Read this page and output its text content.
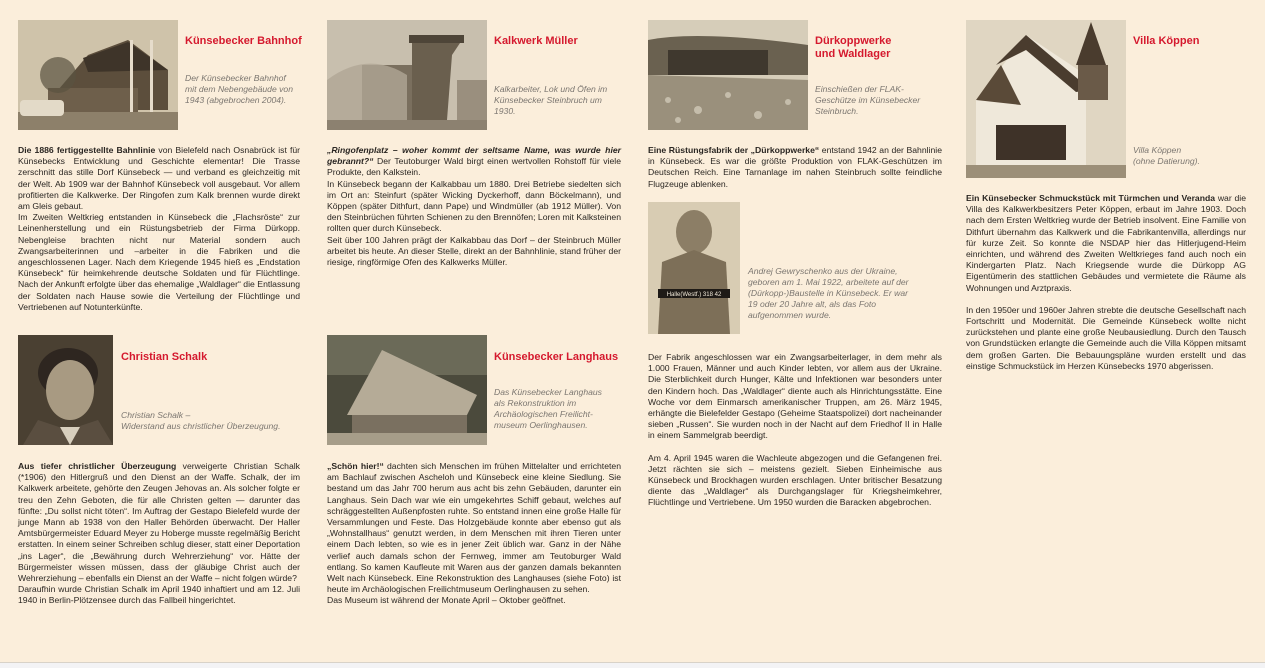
Künsebecker Bahnhof
Der Künsebecker Bahnhof mit dem Nebengebäude von 1943 (abgebrochen 2004).

Die 1886 fertiggestellte Bahnlinie von Bielefeld nach Osnabrück ist für Künsebecks Entwicklung und Geschichte elementar! Die Trasse zerschnitt das stille Dorf Künsebeck — und verband es gleichzeitig mit der Welt. Ab 1909 war der Bahnhof Künsebeck voll ausgebaut. Vor allem profitierten die Kalkwerke. Der Ringofen zum Kalk brennen wurde direkt am Gleis gebaut.

Im Zweiten Weltkrieg entstanden in Künsebeck die „Flachsröste“ zur Leinenherstellung und ein Rüstungsbetrieb der Firma Dürkopp. Nebengleise brachten nicht nur Material sondern auch Zwangsarbeiterinnen und –arbeiter in die Fabriken und die angeschlossenen Lager. Nach dem Kriegende 1945 hieß es „Endstation Künsebeck“ für heimkehrende deutsche Soldaten und für Flüchtlinge. Nach der Ankunft erfolgte über das ehemalige „Waldlager“ die Entlassung der Soldaten nach Hause sowie die Verteilung der Flüchtlinge und Vertriebenen auf Notunterkünfte.

Christian Schalk
Christian Schalk –
Widerstand aus christlicher Überzeugung.

Aus tiefer christlicher Überzeugung verweigerte Christian Schalk (*1906) den Hitlergruß und den Dienst an der Waffe. Schalk, der im Kalkwerk arbeitete, gehörte den Zeugen Jehovas an. Als solcher folgte er treu den Zehn Geboten, die für alle Christen gelten — darunter das fünfte: „Du sollst nicht töten“. Im Auftrag der Gestapo Bielefeld wurde der junge Mann ab 1938 von den Haller Behörden überwacht. Der Haller Amtsbürgermeister Eduard Meyer zu Hoberge musste regelmäßig Bericht erstatten. In einem seiner Schreiben schlug dieser, statt einer Deportation „ins Lager“, die „Bewährung durch Wehrerziehung“ vor. Hätte der Bürgermeister wissen müssen, dass der gläubige Christ auch der Wehrerziehung – ebenfalls ein Dienst an der Waffe – nicht folgen würde?

Daraufhin wurde Christian Schalk im April 1940 inhaftiert und am 12. Juli 1940 in Berlin-Plötzensee durch das Fallbeil hingerichtet.

Kalkwerk Müller
Kalkarbeiter, Lok und Öfen im Künsebecker Steinbruch um 1930.

„Ringofenplatz – woher kommt der seltsame Name, was wurde hier gebrannt?“ Der Teutoburger Wald birgt einen wertvollen Rohstoff für viele Produkte, den Kalkstein.

In Künsebeck begann der Kalkabbau um 1880. Drei Betriebe siedelten sich im Ort an: Steinfurt (später Wicking Dyckerhoff, dann Böckelmann), und Köppen (später Dithfurt, dann Pape) und Windmüller (ab 1912 Müller). Von den Steinbrüchen führten Schienen zu den Brennöfen; Loren mit Kalksteinen rollten quer durch Künsebeck.

Seit über 100 Jahren prägt der Kalkabbau das Dorf – der Steinbruch Müller arbeitet bis heute. An dieser Stelle, direkt an der Bahnhlinie, stand früher der riesige, ringförmige Ofen des Kalkwerks Müller.

Künsebecker Langhaus
Das Künsebecker Langhaus als Rekonstruktion im Archäologischen Freilicht-museum Oerlinghausen.

„Schön hier!“ dachten sich Menschen im frühen Mittelalter und errichteten am Bachlauf zwischen Ascheloh und Künsebeck eine kleine Siedlung. Sie bestand um das Jahr 700 herum aus acht bis zehn Gebäuden, darunter ein Langhaus. Sein Dach war wie ein umgekehrtes Schiff gebaut, welches auf schräggestellten Außenpfosten ruhte. So entstand innen eine große Halle für Versammlungen und Feste. Das Holzgebäude konnte aber ebenso gut als „Wohnstallhaus“ genutzt werden, in dem Menschen mit ihren Tieren unter einem Dach lebten, so wie es in jener Zeit üblich war. Ganz in der Nähe verlief auch damals schon der Fernweg, immer am Teutoburger Wald entlang. So kamen Kaufleute mit Waren aus der ganzen damals bekannten Welt nach Künsebeck. Eine Rekonstruktion des Langhauses (siehe Foto) ist heute im Archäologischen Freilichtmuseum Oerlinghausen zu sehen.

Das Museum ist während der Monate April – Oktober geöffnet.

Dürkoppwerke
und Waldlager
Einschießen der FLAK-Geschütze im Künsebecker Steinbruch.

Eine Rüstungsfabrik der „Dürkoppwerke“ entstand 1942 an der Bahnlinie in Künsebeck. Es war die größte Produktion von FLAK-Geschützen im Deutschen Reich. Eine Tarnanlage im nahen Steinbruch sollte feindliche Flugzeuge ablenken.

Halle(Westf.) 318 42
Andrej Gewryschenko aus der Ukraine, geboren am 1. Mai 1922, arbeitete auf der (Dürkopp-)Baustelle in Künsebeck. Er war 19 oder 20 Jahre alt, als das Foto aufgenommen wurde.

Der Fabrik angeschlossen war ein Zwangsarbeiterlager, in dem mehr als 1.000 Frauen, Männer und auch Kinder lebten, vor allem aus der Ukraine. Die Sterblichkeit durch Hunger, Kälte und Infektionen war besonders unter den Kindern hoch. Das „Waldlager“ diente auch als Hinrichtungsstätte. Eine Woche vor dem Einmarsch amerikanischer Truppen, am 26. März 1945, erhängte die Bielefelder Gestapo (Geheime Staatspolizei) dort nacheinander sieben „Russen“. Sie wurden noch in der Nacht auf dem Friedhof II in Halle in einem Sammelgrab beerdigt.

Am 4. April 1945 waren die Wachleute abgezogen und die Gefangenen frei. Jetzt rächten sie sich – meistens gezielt. Sieben Einheimische aus Künsebeck und Brockhagen wurden erschlagen. Unter britischer Besatzung diente das „Waldlager“ als Durchgangslager für Kriegsheimkehrer, Flüchtlinge und Vertriebene. Um 1950 wurden die Baracken abgebrochen.

Villa Köppen
Villa Köppen
(ohne Datierung).

Ein Künsebecker Schmuckstück mit Türmchen und Veranda war die Villa des Kalkwerkbesitzers Peter Köppen, erbaut im Jahre 1903. Doch nach dem Ersten Weltkrieg wurde der Betrieb insolvent. Eine Familie von Dithfurt übernahm das Kalkwerk und die Fabrikantenvilla, allerdings nur für kurze Zeit. So konnte die NSDAP hier das Hitlerjugend-Heim einrichten, und während des Zweiten Weltkrieges fand auch noch ein Kindergarten Platz. Nach Kriegsende wurde die Dürkopp AG Eigentümerin des stattlichen Gebäudes und vermietete die Räume als Wohnungen und Arztpraxis.

In den 1950er und 1960er Jahren strebte die deutsche Gesellschaft nach Fortschritt und Modernität. Die Gemeinde Künsebeck wollte nicht zurückstehen und plante eine große Neubausiedlung. Durch den Tausch von Grundstücken erlangte die Gemeinde auch die Villa Köppen mitsamt dem großen Garten. Die Bebauungspläne wurden erstellt und das einstige Schmuckstück im Herzen Künsebecks 1970 abgerissen.
